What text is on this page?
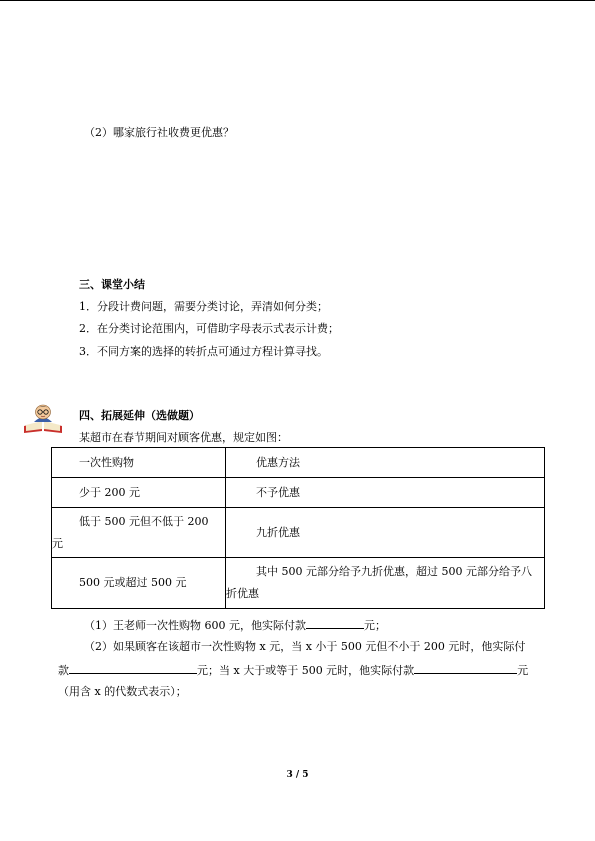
（2）哪家旅行社收费更优惠？
三、课堂小结
1．分段计费问题，需要分类讨论，弄清如何分类；
2．在分类讨论范围内，可借助字母表示式表示计费；
3．不同方案的选择的转折点可通过方程计算寻找。
四、拓展延伸（选做题）
某超市在春节期间对顾客优惠，规定如图：
一次性购物	优惠方法

少于 200 元	不予优惠

低于 500 元但不低于 200 元	九折优惠

500 元或超过 500 元	其中 500 元部分给予九折优惠，超过 500 元部分给予八折优惠
（1）王老师一次性购物 600 元，他实际付款	元；
（2）如果顾客在该超市一次性购物 x 元，当 x 小于 500 元但不小于 200 元时，他实际付
款	元；当 x 大于或等于 500 元时，他实际付款	元
（用含 x 的代数式表示）；
3 / 5
